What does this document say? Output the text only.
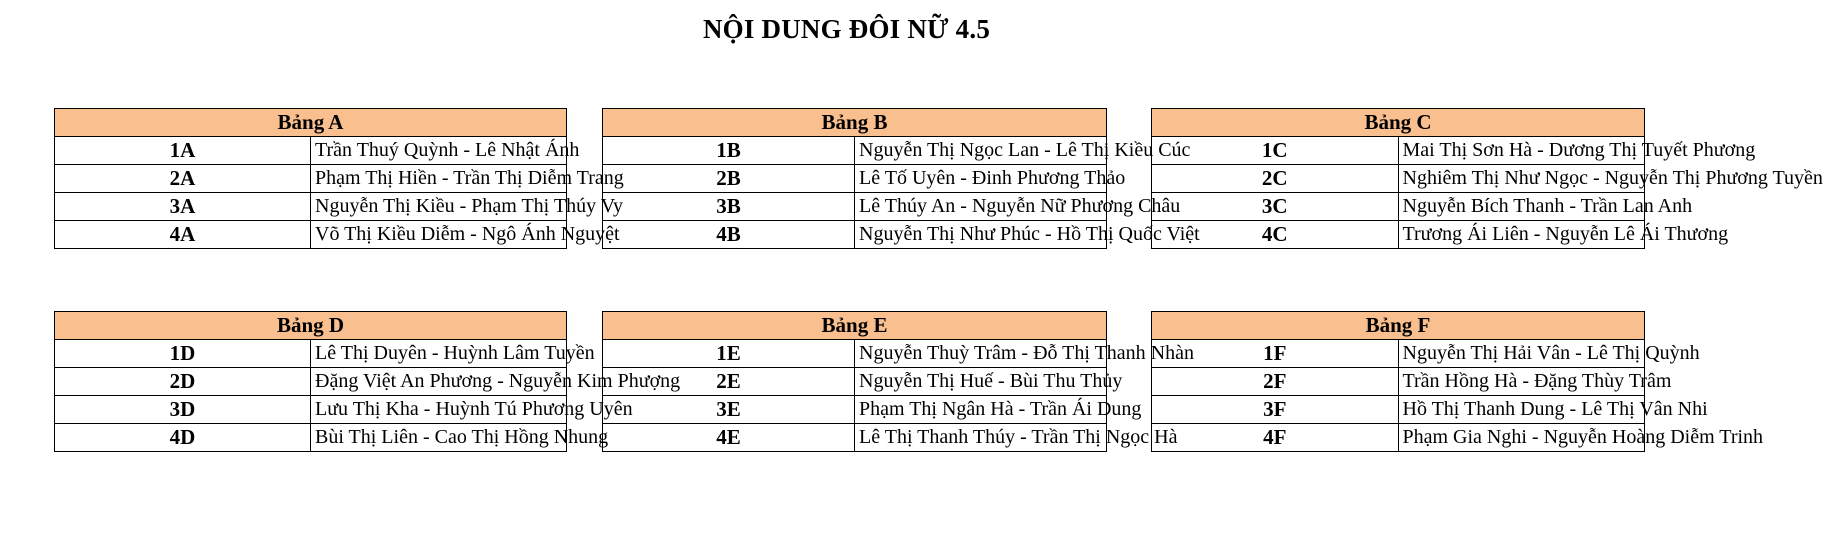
NỘI DUNG ĐÔI NỮ 4.5
Bảng A	
1A	Trần Thuý Quỳnh - Lê Nhật Ánh
2A	Phạm Thị Hiền - Trần Thị Diễm Trang
3A	Nguyễn Thị Kiều - Phạm Thị Thúy Vy
4A	Võ Thị Kiều Diễm - Ngô Ánh Nguyệt
Bảng B	
1B	Nguyễn Thị Ngọc Lan - Lê Thị Kiều Cúc
2B	Lê Tố Uyên - Đinh Phương Thảo
3B	Lê Thúy An - Nguyễn Nữ Phương Châu
4B	Nguyễn Thị Như Phúc - Hồ Thị Quốc Việt
Bảng C	
1C	Mai Thị Sơn Hà - Dương Thị Tuyết Phương
2C	Nghiêm Thị Như Ngọc - Nguyễn Thị Phương Tuyền
3C	Nguyễn Bích Thanh - Trần Lan Anh
4C	Trương Ái Liên - Nguyễn Lê Ái Thương
Bảng D	
1D	Lê Thị Duyên - Huỳnh Lâm Tuyền
2D	Đặng Việt An Phương - Nguyễn Kim Phượng
3D	Lưu Thị Kha - Huỳnh Tú Phương Uyên
4D	Bùi Thị Liên - Cao Thị Hồng Nhung
Bảng E	
1E	Nguyễn Thuỳ Trâm - Đỗ Thị Thanh Nhàn
2E	Nguyễn Thị Huế - Bùi Thu Thủy
3E	Phạm Thị Ngân Hà - Trần Ái Dung
4E	Lê Thị Thanh Thúy - Trần Thị Ngọc Hà
Bảng F	
1F	Nguyễn Thị Hải Vân - Lê Thị Quỳnh
2F	Trần Hồng Hà - Đặng Thùy Trâm
3F	Hồ Thị Thanh Dung - Lê Thị Vân Nhi
4F	Phạm Gia Nghi - Nguyễn Hoàng Diễm Trinh
